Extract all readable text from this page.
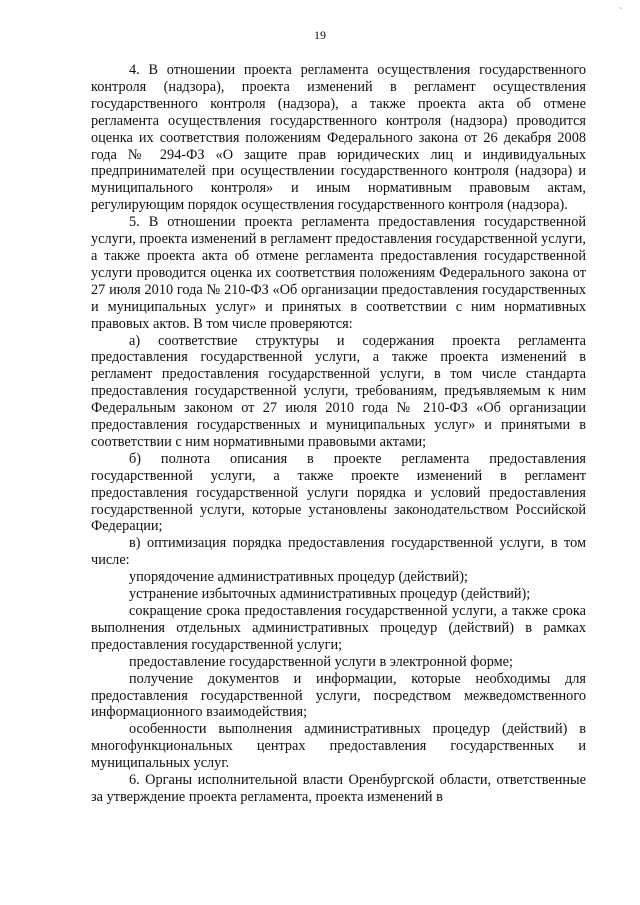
˜
19

4. В отношении проекта регламента осуществления государственного контроля (надзора), проекта изменений в регламент осуществления государственного контроля (надзора), а также проекта акта об отмене регламента осуществления государственного контроля (надзора) проводится оценка их соответствия положениям Федерального закона от 26 декабря 2008 года № 294-ФЗ «О защите прав юридических лиц и индивидуальных предпринимателей при осуществлении государственного контроля (надзора) и муниципального контроля» и иным нормативным правовым актам, регулирующим порядок осуществления государственного контроля (надзора).

5. В отношении проекта регламента предоставления государственной услуги, проекта изменений в регламент предоставления государственной услуги, а также проекта акта об отмене регламента предоставления государственной услуги проводится оценка их соответствия положениям Федерального закона от 27 июля 2010 года № 210-ФЗ «Об организации предоставления государственных и муниципальных услуг» и принятых в соответствии с ним нормативных правовых актов. В том числе проверяются:

а) соответствие структуры и содержания проекта регламента предоставления государственной услуги, а также проекта изменений в регламент предоставления государственной услуги, в том числе стандарта предоставления государственной услуги, требованиям, предъявляемым к ним Федеральным законом от 27 июля 2010 года № 210-ФЗ «Об организации предоставления государственных и муниципальных услуг» и принятыми в соответствии с ним нормативными правовыми актами;

б) полнота описания в проекте регламента предоставления государственной услуги, а также проекте изменений в регламент предоставления государственной услуги порядка и условий предоставления государственной услуги, которые установлены законодательством Российской Федерации;

в) оптимизация порядка предоставления государственной услуги, в том числе:

упорядочение административных процедур (действий);

устранение избыточных административных процедур (действий);

сокращение срока предоставления государственной услуги, а также срока выполнения отдельных административных процедур (действий) в рамках предоставления государственной услуги;

предоставление государственной услуги в электронной форме;

получение документов и информации, которые необходимы для предоставления государственной услуги, посредством межведомственного информационного взаимодействия;

особенности выполнения административных процедур (действий) в многофункциональных центрах предоставления государственных и муниципальных услуг.

6. Органы исполнительной власти Оренбургской области, ответственные за утверждение проекта регламента, проекта изменений в
